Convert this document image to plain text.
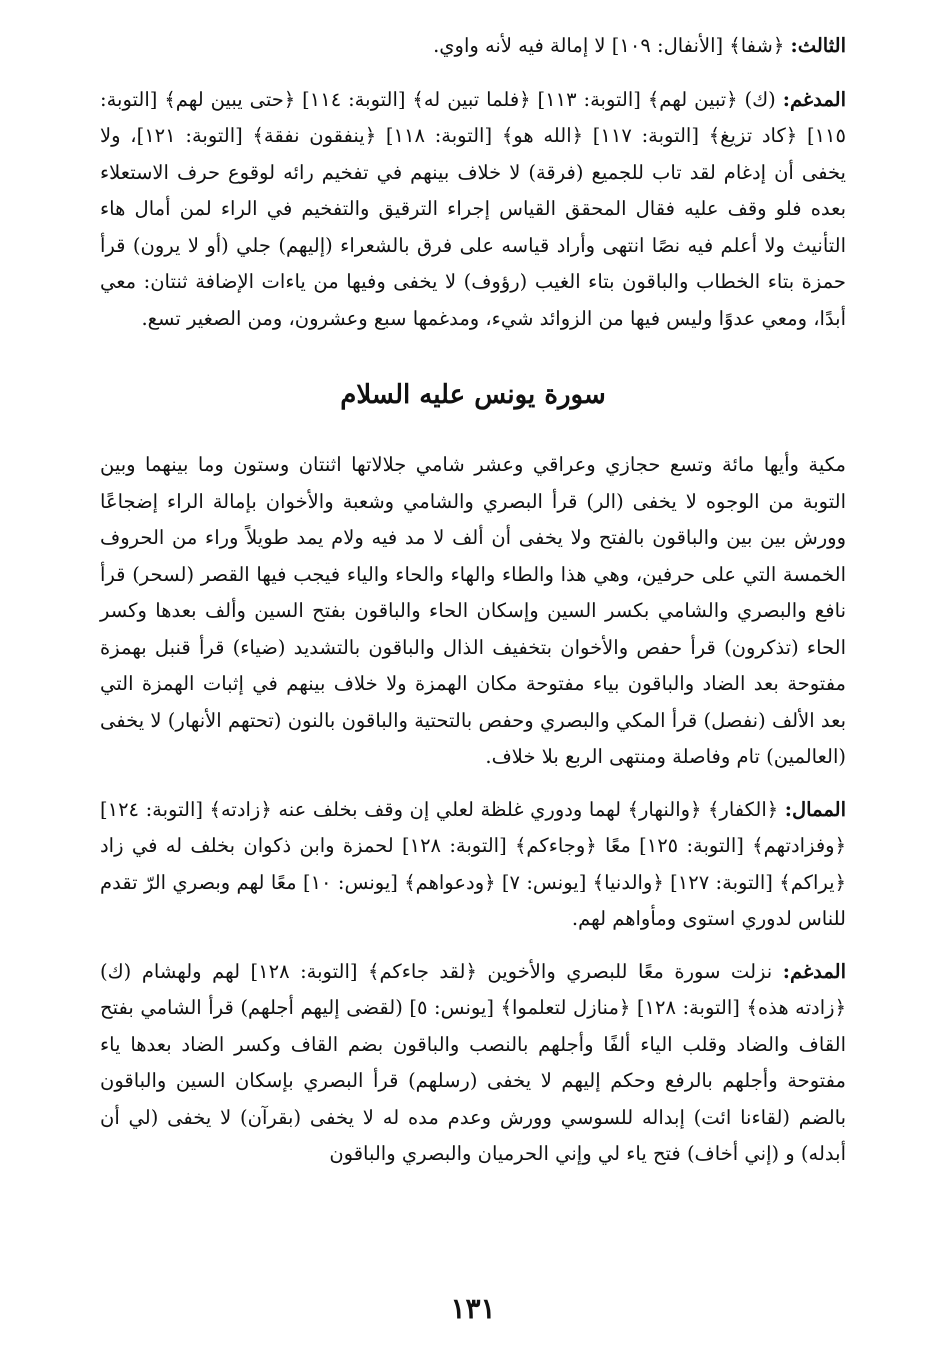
الثالث: ﴿شفا﴾ [الأنفال: ١٠٩] لا إمالة فيه لأنه واوي.

المدغم: (ك) ﴿تبين لهم﴾ [التوبة: ١١٣] ﴿فلما تبين له﴾ [التوبة: ١١٤] ﴿حتى يبين لهم﴾ [التوبة: ١١٥] ﴿كاد تزيغ﴾ [التوبة: ١١٧] ﴿الله هو﴾ [التوبة: ١١٨] ﴿ينفقون نفقة﴾ [التوبة: ١٢١]، ولا يخفى أن إدغام لقد تاب للجميع (فرقة) لا خلاف بينهم في تفخيم رائه لوقوع حرف الاستعلاء بعده فلو وقف عليه فقال المحقق القياس إجراء الترقيق والتفخيم في الراء لمن أمال هاء التأنيث ولا أعلم فيه نصًا انتهى وأراد قياسه على فرق بالشعراء (إليهم) جلي (أو لا يرون) قرأ حمزة بتاء الخطاب والباقون بتاء الغيب (رؤوف) لا يخفى وفيها من ياءات الإضافة ثنتان: معي أبدًا، ومعي عدوًا وليس فيها من الزوائد شيء، ومدغمها سبع وعشرون، ومن الصغير تسع.

سورة يونس عليه السلام

مكية وأيها مائة وتسع حجازي وعراقي وعشر شامي جلالاتها اثنتان وستون وما بينهما وبين التوبة من الوجوه لا يخفى (الر) قرأ البصري والشامي وشعبة والأخوان بإمالة الراء إضجاعًا وورش بين بين والباقون بالفتح ولا يخفى أن ألف لا مد فيه ولام يمد طويلاً وراء من الحروف الخمسة التي على حرفين، وهي هذا والطاء والهاء والحاء والياء فيجب فيها القصر (لسحر) قرأ نافع والبصري والشامي بكسر السين وإسكان الحاء والباقون بفتح السين وألف بعدها وكسر الحاء (تذكرون) قرأ حفص والأخوان بتخفيف الذال والباقون بالتشديد (ضياء) قرأ قنبل بهمزة مفتوحة بعد الضاد والباقون بياء مفتوحة مكان الهمزة ولا خلاف بينهم في إثبات الهمزة التي بعد الألف (نفصل) قرأ المكي والبصري وحفص بالتحتية والباقون بالنون (تحتهم الأنهار) لا يخفى (العالمين) تام وفاصلة ومنتهى الربع بلا خلاف.

الممال: ﴿الكفار﴾ ﴿والنهار﴾ لهما ودوري غلظة لعلي إن وقف بخلف عنه ﴿زادته﴾ [التوبة: ١٢٤] ﴿وفزادتهم﴾ [التوبة: ١٢٥] معًا ﴿وجاءكم﴾ [التوبة: ١٢٨] لحمزة وابن ذكوان بخلف له في زاد ﴿يراكم﴾ [التوبة: ١٢٧] ﴿والدنيا﴾ [يونس: ٧] ﴿ودعواهم﴾ [يونس: ١٠] معًا لهم وبصري الرّ تقدم للناس لدوري استوى ومأواهم لهم.

المدغم: نزلت سورة معًا للبصري والأخوين ﴿لقد جاءكم﴾ [التوبة: ١٢٨] لهم ولهشام (ك) ﴿زادته هذه﴾ [التوبة: ١٢٨] ﴿منازل لتعلموا﴾ [يونس: ٥] (لقضى إليهم أجلهم) قرأ الشامي بفتح القاف والضاد وقلب الياء ألفًا وأجلهم بالنصب والباقون بضم القاف وكسر الضاد بعدها ياء مفتوحة وأجلهم بالرفع وحكم إليهم لا يخفى (رسلهم) قرأ البصري بإسكان السين والباقون بالضم (لقاءنا ائت) إبداله للسوسي وورش وعدم مده له لا يخفى (بقرآن) لا يخفى (لي أن أبدله) و (إني أخاف) فتح ياء لي وإني الحرميان والبصري والباقون

١٣١
